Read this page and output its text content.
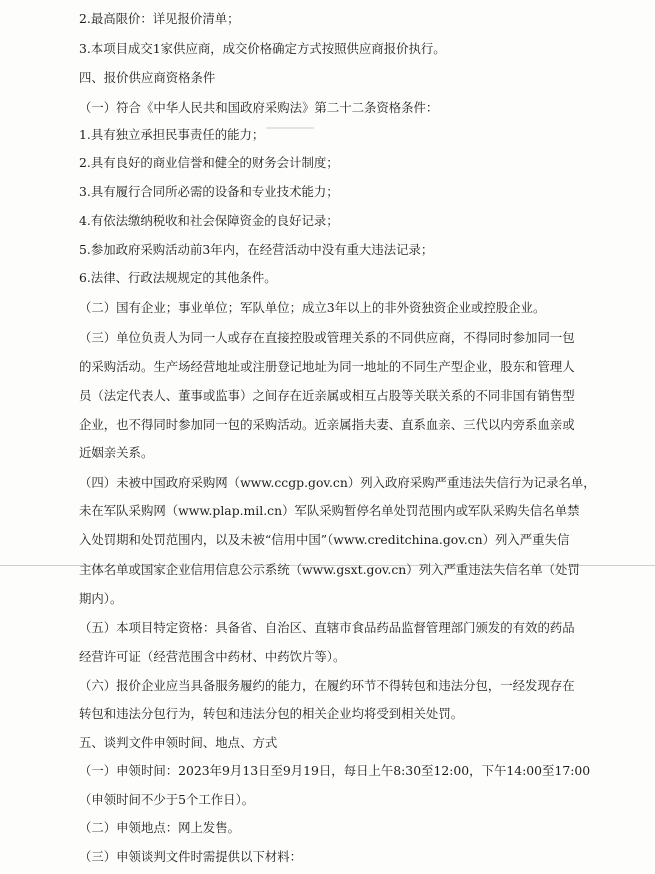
2.最高限价：详见报价清单；
3.本项目成交1家供应商，成交价格确定方式按照供应商报价执行。
四、报价供应商资格条件
（一）符合《中华人民共和国政府采购法》第二十二条资格条件：
1.具有独立承担民事责任的能力；
2.具有良好的商业信誉和健全的财务会计制度；
3.具有履行合同所必需的设备和专业技术能力；
4.有依法缴纳税收和社会保障资金的良好记录；
5.参加政府采购活动前3年内，在经营活动中没有重大违法记录；
6.法律、行政法规规定的其他条件。
（二）国有企业；事业单位；军队单位；成立3年以上的非外资独资企业或控股企业。
（三）单位负责人为同一人或存在直接控股或管理关系的不同供应商，不得同时参加同一包
的采购活动。生产场经营地址或注册登记地址为同一地址的不同生产型企业，股东和管理人
员（法定代表人、董事或监事）之间存在近亲属或相互占股等关联关系的不同非国有销售型
企业，也不得同时参加同一包的采购活动。近亲属指夫妻、直系血亲、三代以内旁系血亲或
近姻亲关系。
（四）未被中国政府采购网（www.ccgp.gov.cn）列入政府采购严重违法失信行为记录名单，
未在军队采购网（www.plap.mil.cn）军队采购暂停名单处罚范围内或军队采购失信名单禁
入处罚期和处罚范围内，以及未被“信用中国”（www.creditchina.gov.cn）列入严重失信
主体名单或国家企业信用信息公示系统（www.gsxt.gov.cn）列入严重违法失信名单（处罚
期内）。
（五）本项目特定资格：具备省、自治区、直辖市食品药品监督管理部门颁发的有效的药品
经营许可证（经营范围含中药材、中药饮片等）。
（六）报价企业应当具备服务履约的能力，在履约环节不得转包和违法分包，一经发现存在
转包和违法分包行为，转包和违法分包的相关企业均将受到相关处罚。
五、谈判文件申领时间、地点、方式
（一）申领时间：2023年9月13日至9月19日，每日上午8:30至12:00，下午14:00至17:00
（申领时间不少于5个工作日）。
（二）申领地点：网上发售。
（三）申领谈判文件时需提供以下材料：
